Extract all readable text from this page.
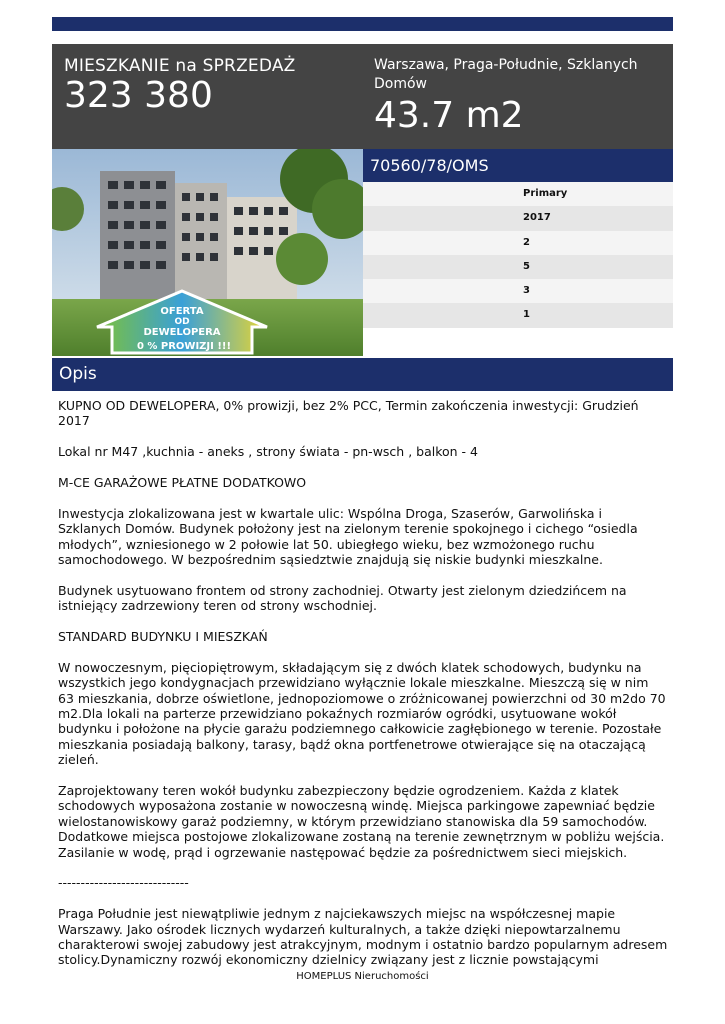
MIESZKANIE na SPRZEDAŻ
323 380
Warszawa, Praga-Południe, Szklanych Domów
43.7 m2
OFERTA
OD
DEWELOPERA
0 % PROWIZJI !!!
70560/78/OMS
Primary
2017
2
5
3
1
Opis

KUPNO OD DEWELOPERA, 0% prowizji, bez 2% PCC, Termin zakończenia inwestycji: Grudzień 2017

Lokal nr M47 ,kuchnia - aneks , strony świata - pn-wsch , balkon - 4

M-CE GARAŻOWE PŁATNE DODATKOWO

Inwestycja zlokalizowana jest w kwartale ulic: Wspólna Droga, Szaserów, Garwolińska i Szklanych Domów. Budynek położony jest na zielonym terenie spokojnego i cichego “osiedla młodych”, wzniesionego w 2 połowie lat 50. ubiegłego wieku, bez wzmożonego ruchu samochodowego. W bezpośrednim sąsiedztwie znajdują się niskie budynki mieszkalne.

Budynek usytuowano frontem od strony zachodniej. Otwarty jest zielonym dziedzińcem na istniejący zadrzewiony teren od strony wschodniej.

STANDARD BUDYNKU I MIESZKAŃ

W nowoczesnym, pięciopiętrowym, składającym się z dwóch klatek schodowych, budynku na wszystkich jego kondygnacjach przewidziano wyłącznie lokale mieszkalne. Mieszczą się w nim 63 mieszkania, dobrze oświetlone, jednopoziomowe o zróżnicowanej powierzchni od 30 m2do 70 m2.Dla lokali na parterze przewidziano pokaźnych rozmiarów ogródki, usytuowane wokół budynku i położone na płycie garażu podziemnego całkowicie zagłębionego w terenie. Pozostałe mieszkania posiadają balkony, tarasy, bądź okna portfenetrowe otwierające się na otaczającą zieleń.

Zaprojektowany teren wokół budynku zabezpieczony będzie ogrodzeniem. Każda z klatek schodowych wyposażona zostanie w nowoczesną windę. Miejsca parkingowe zapewniać będzie wielostanowiskowy garaż podziemny, w którym przewidziano stanowiska dla 59 samochodów. Dodatkowe miejsca postojowe zlokalizowane zostaną na terenie zewnętrznym w pobliżu wejścia. Zasilanie w wodę, prąd i ogrzewanie następować będzie za pośrednictwem sieci miejskich.

-----------------------------

Praga Południe jest niewątpliwie jednym z najciekawszych miejsc na współczesnej mapie Warszawy. Jako ośrodek licznych wydarzeń kulturalnych, a także dzięki niepowtarzalnemu charakterowi swojej zabudowy jest atrakcyjnym, modnym i ostatnio bardzo popularnym adresem stolicy.Dynamiczny rozwój ekonomiczny dzielnicy związany jest z licznie powstającymi

HOMEPLUS Nieruchomości
